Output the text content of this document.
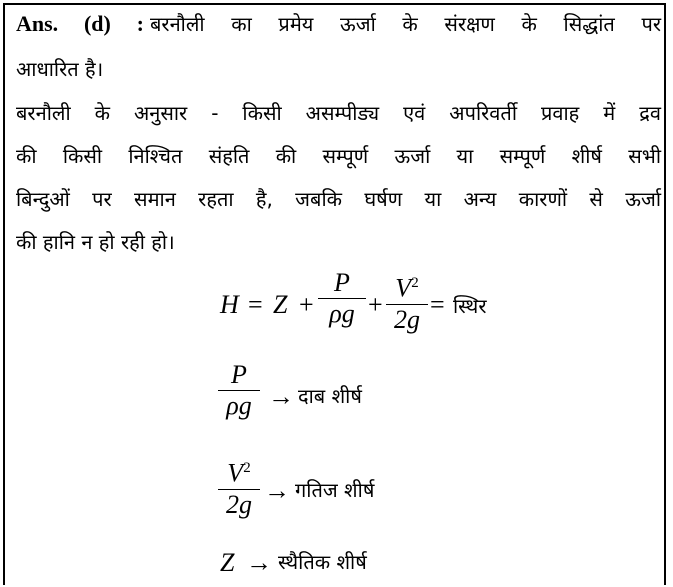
Ans. (d) : बरनौली का प्रमेय ऊर्जा के संरक्षण के सिद्धांत पर
आधारित है।
बरनौली के अनुसार - किसी असम्पीड्य एवं अपरिवर्ती प्रवाह में द्रव
की किसी निश्चित संहति की सम्पूर्ण ऊर्जा या सम्पूर्ण शीर्ष सभी
बिन्दुओं पर समान रहता है, जबकि घर्षण या अन्य कारणों से ऊर्जा
की हानि न हो रही हो।
H = Z +
P
ρg +
$V^2$
2g
= स्थिर
P
ρg → दाब शीर्ष
$V^2$
2g → गतिज शीर्ष
Z → स्थैतिक शीर्ष
